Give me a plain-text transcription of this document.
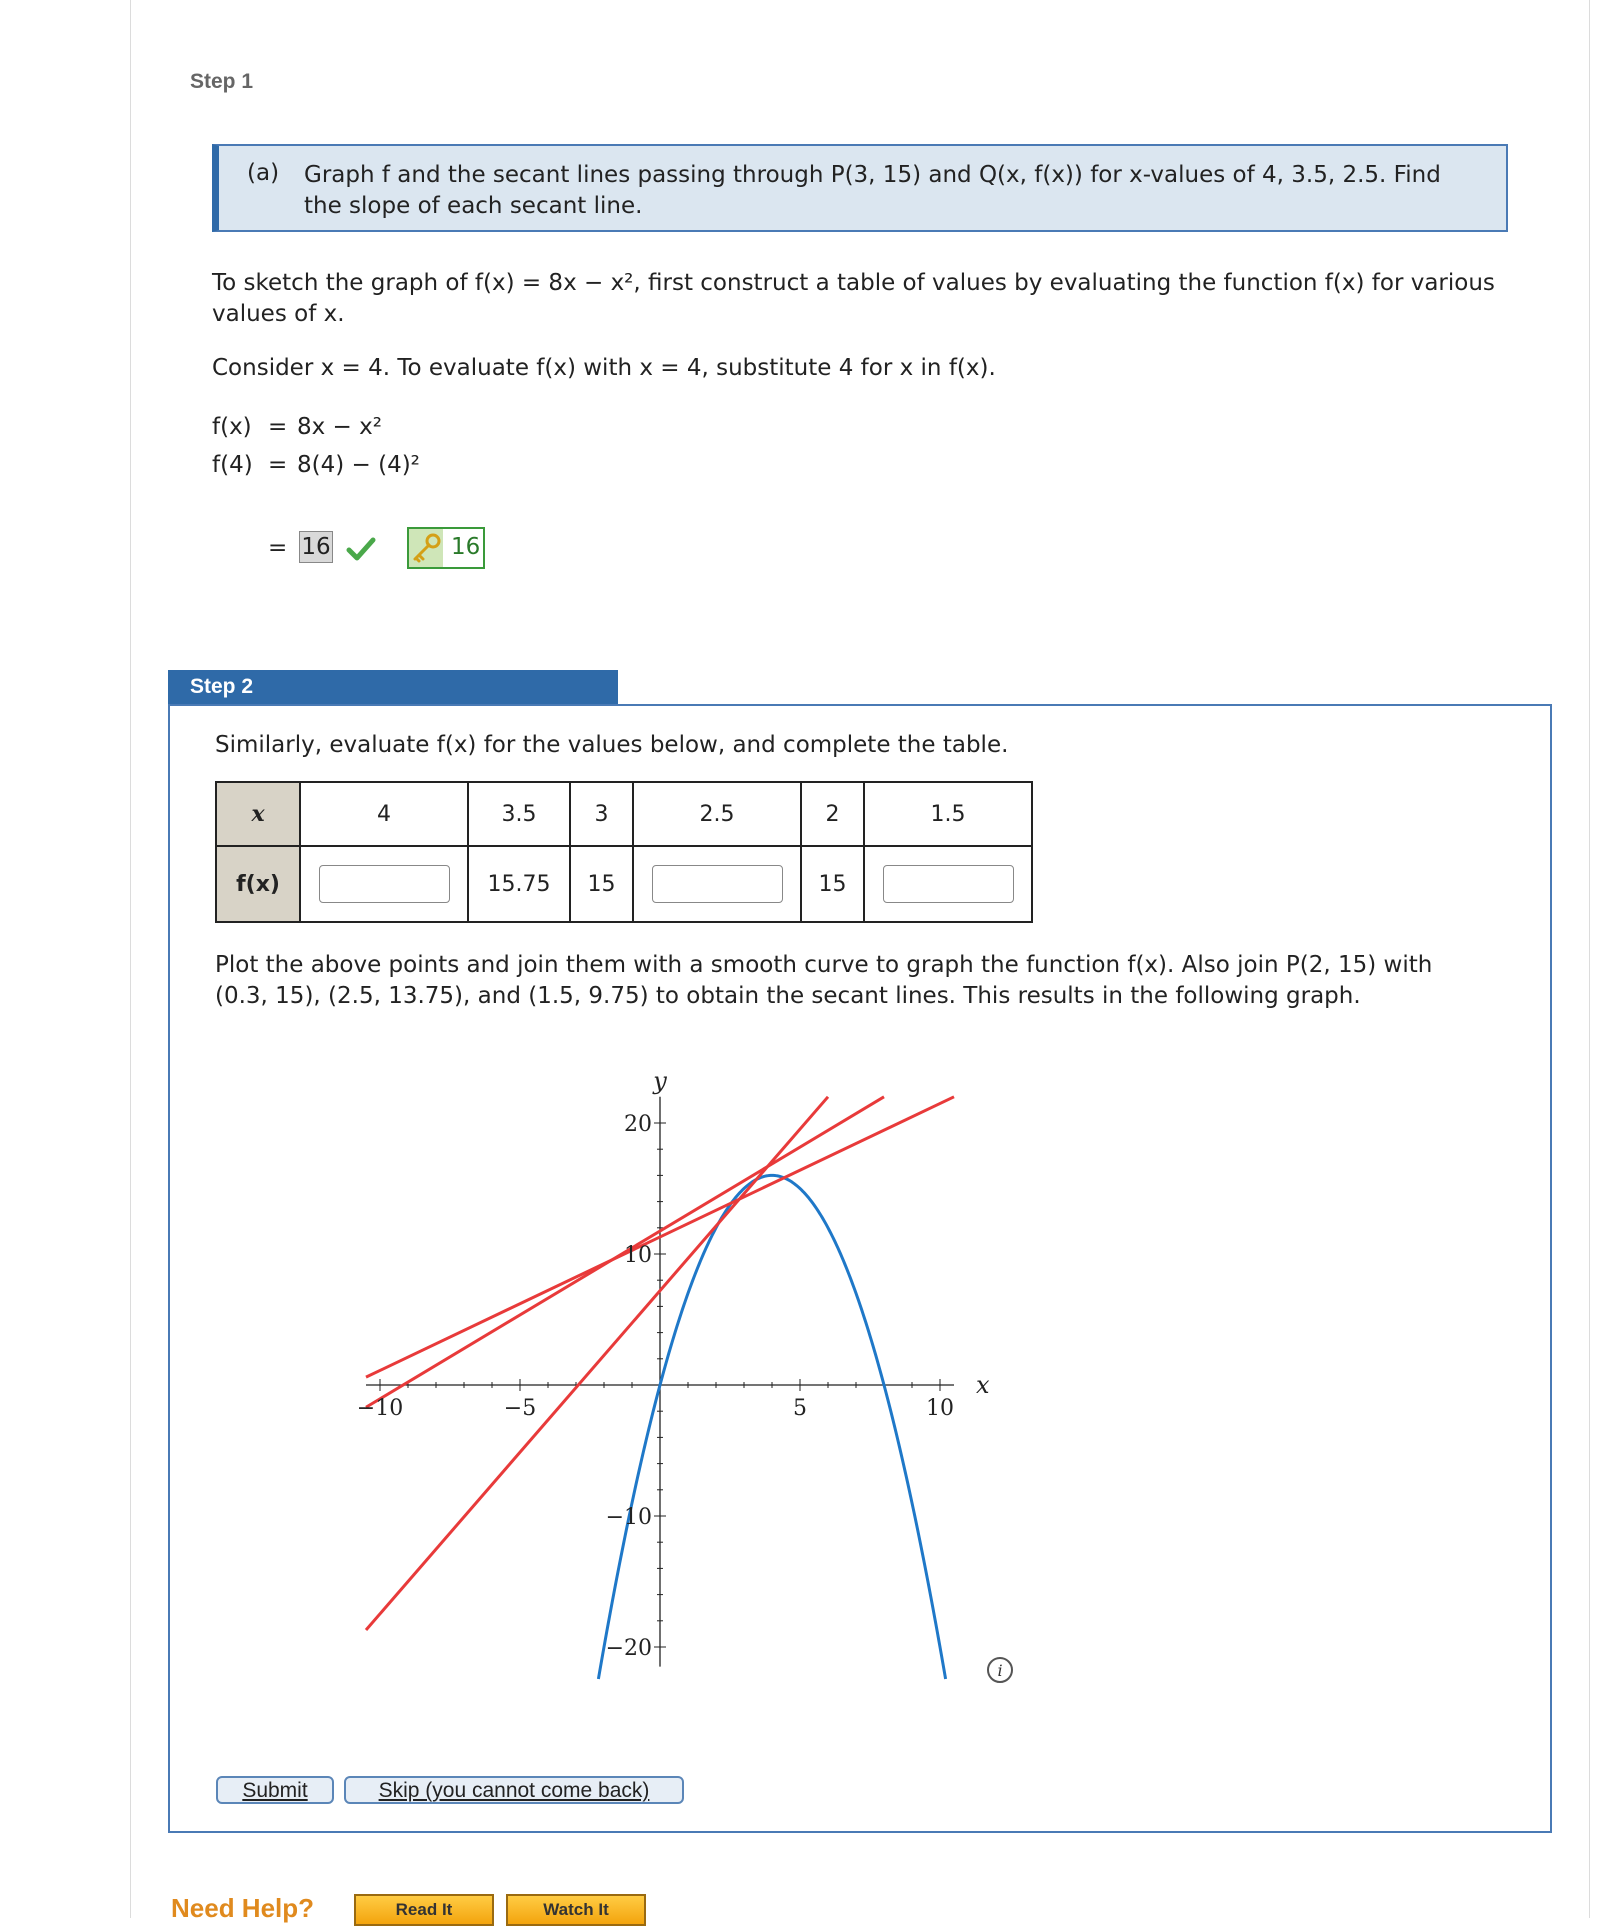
Step 1
(a) Graph f and the secant lines passing through P(3, 15) and Q(x, f(x)) for x-values of 4, 3.5, 2.5. Find the slope of each secant line.
To sketch the graph of f(x) = 8x − x², first construct a table of values by evaluating the function f(x) for various values of x.
Consider x = 4. To evaluate f(x) with x = 4, substitute 4 for x in f(x).
f(x) = 8x − x²
f(4) = 8(4) − (4)²
= 16	16
Step 2
Similarly, evaluate f(x) for the values below, and complete the table.
x	4	3.5	3	2.5	2	1.5
f(x)		15.75	15		15	
Plot the above points and join them with a smooth curve to graph the function f(x). Also join P(2, 15) with (0.3, 15), (2.5, 13.75), and (1.5, 9.75) to obtain the secant lines. This results in the following graph.
−10	−5	5	10
20
10
−10
−20
x
y
i
Submit	Skip (you cannot come back)
Need Help?	Read It	Watch It
